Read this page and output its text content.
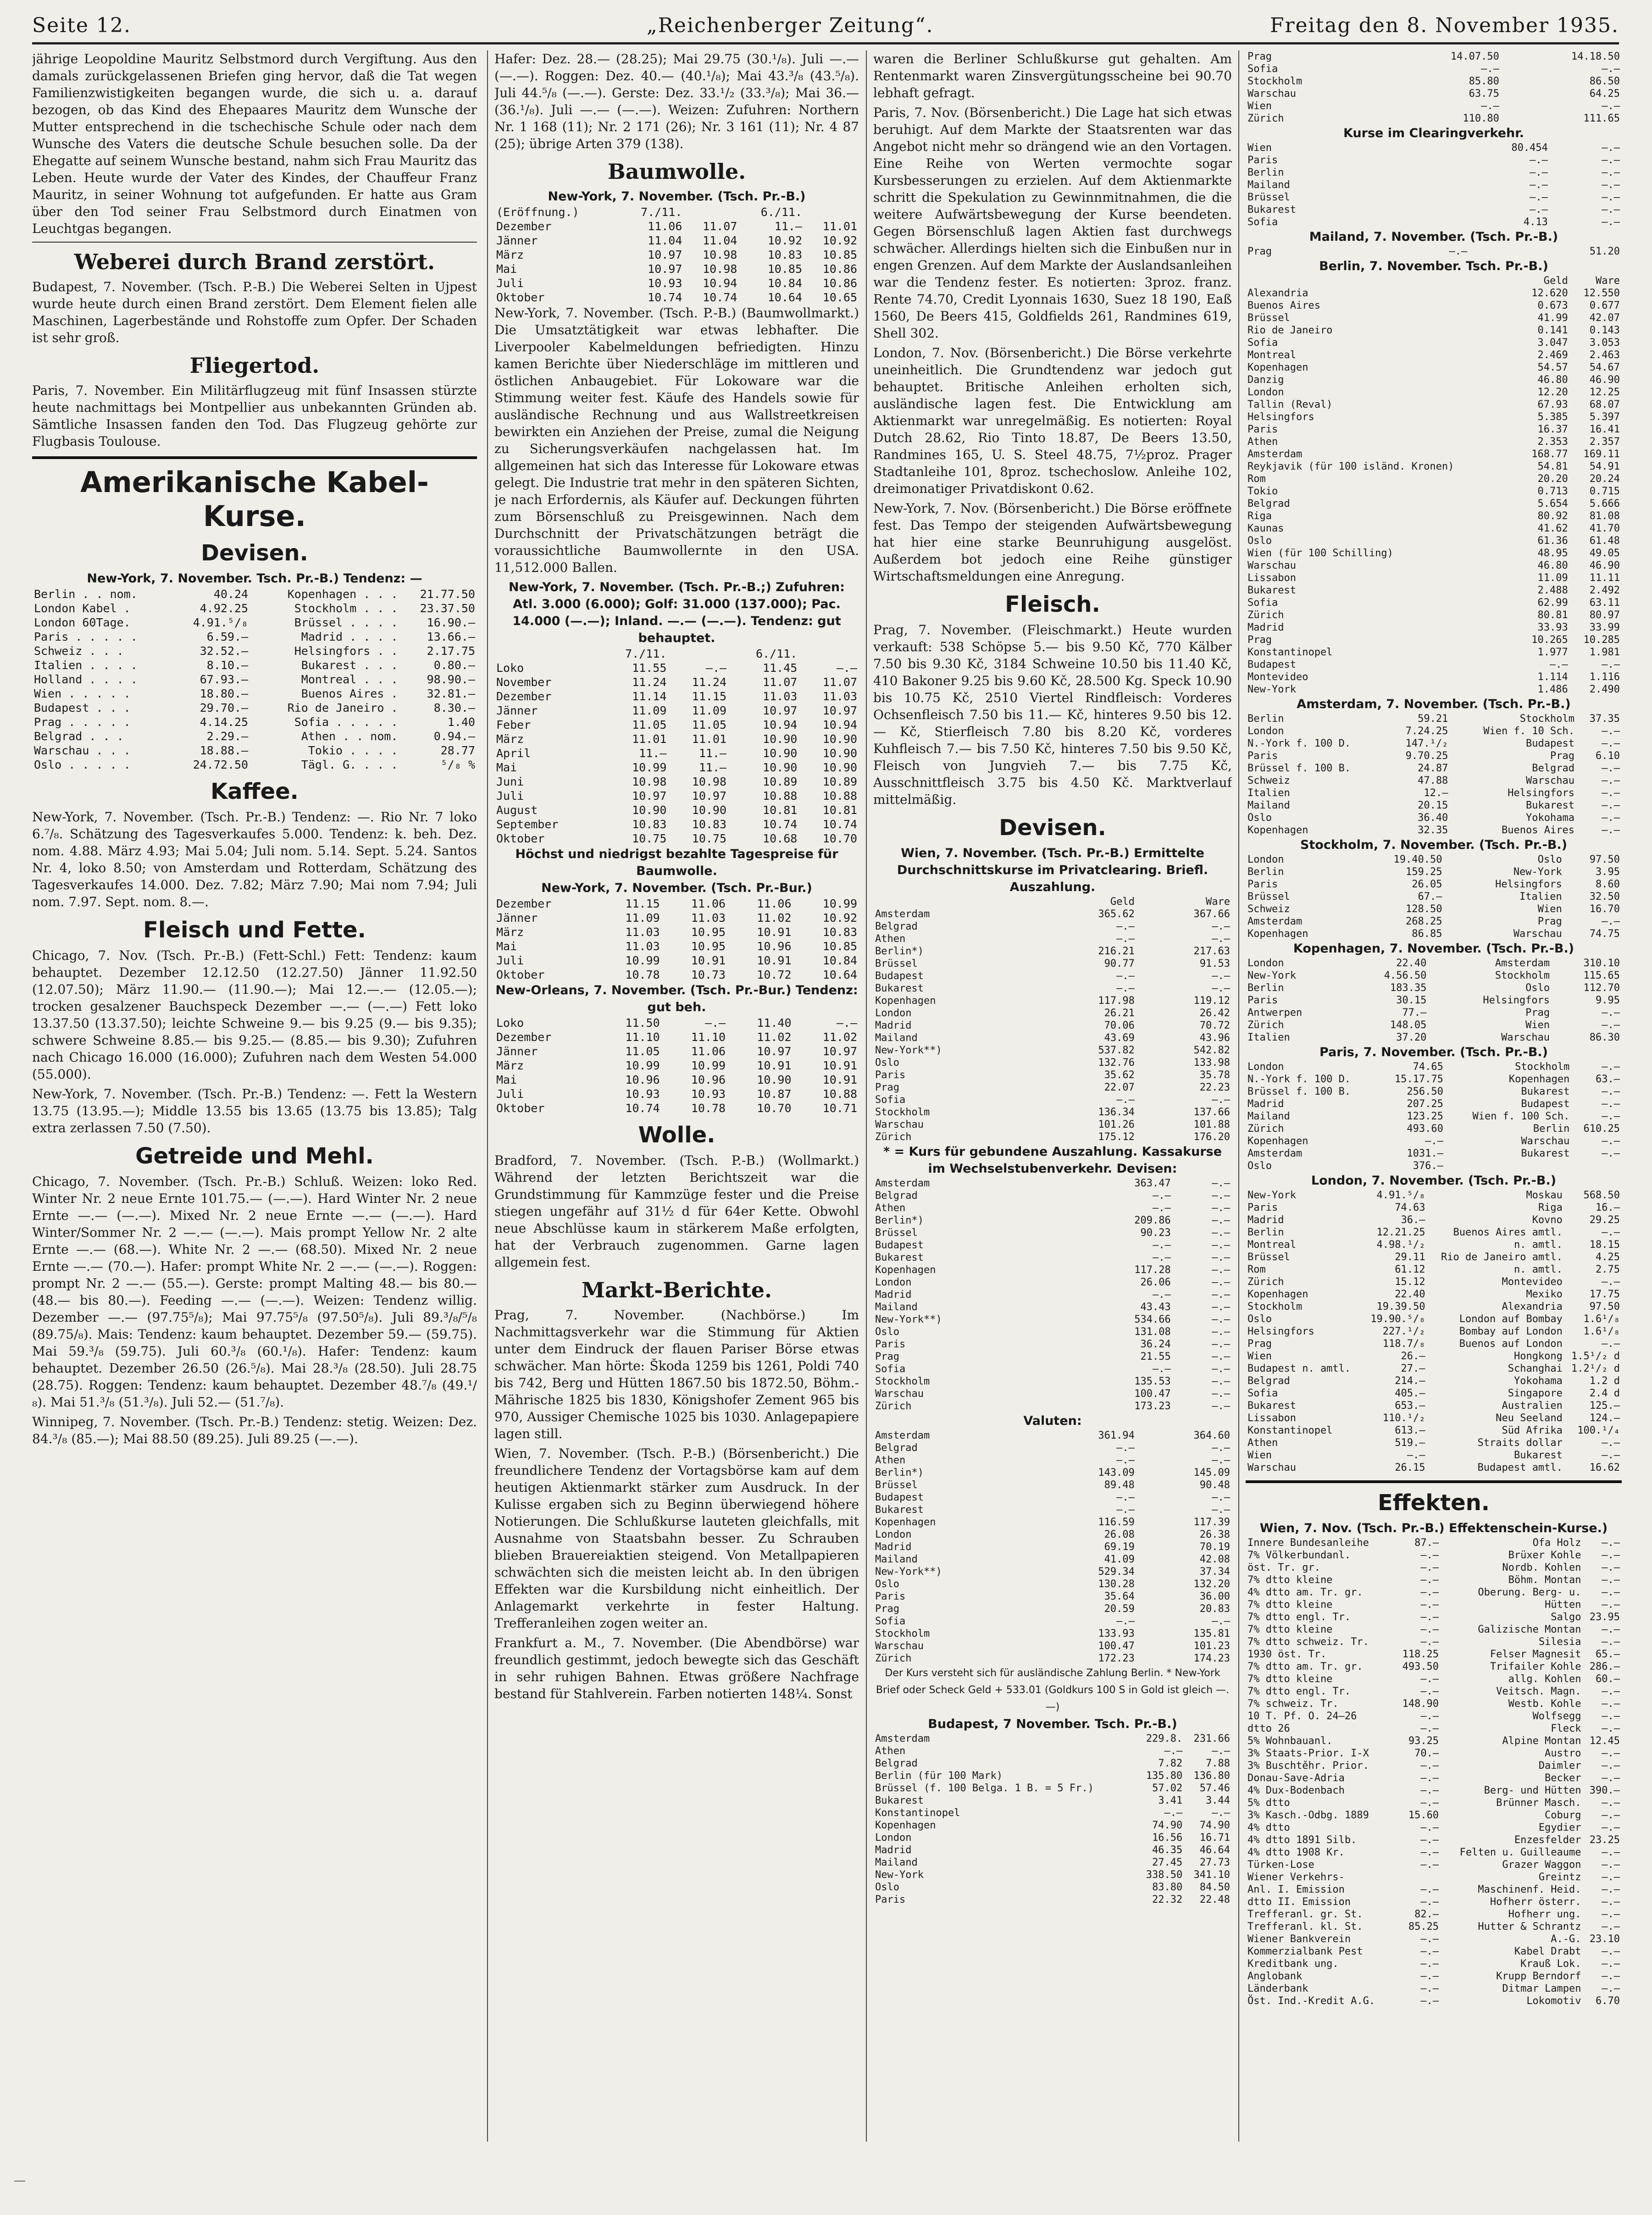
Seite 12.	„Reichenberger Zeitung“.	Freitag den 8. November 1935.

jährige Leopoldine Mauritz Selbstmord durch Vergiftung. Aus den damals zurückgelassenen Briefen ging hervor, daß die Tat wegen Familienzwistigkeiten begangen wurde, die sich u. a. darauf bezogen, ob das Kind des Ehepaares Mauritz dem Wunsche der Mutter entsprechend in die tschechische Schule oder nach dem Wunsche des Vaters die deutsche Schule besuchen solle. Da der Ehegatte auf seinem Wunsche bestand, nahm sich Frau Mauritz das Leben. Heute wurde der Vater des Kindes, der Chauffeur Franz Mauritz, in seiner Wohnung tot aufgefunden. Er hatte aus Gram über den Tod seiner Frau Selbstmord durch Einatmen von Leuchtgas begangen.

Weberei durch Brand zerstört.

Budapest, 7. November. (Tsch. P.-B.) Die Weberei Selten in Ujpest wurde heute durch einen Brand zerstört. Dem Element fielen alle Maschinen, Lagerbestände und Rohstoffe zum Opfer. Der Schaden ist sehr groß.

Fliegertod.

Paris, 7. November. Ein Militärflugzeug mit fünf Insassen stürzte heute nachmittags bei Montpellier aus unbekannten Gründen ab. Sämtliche Insassen fanden den Tod. Das Flugzeug gehörte zur Flugbasis Toulouse.

Amerikanische Kabel-Kurse.
Devisen.
New-York, 7. November. Tsch. Pr.-B.) Tendenz: —
Berlin . . nom.	40.24	Kopenhagen . . .	21.77.50
London Kabel .	4.92.25	Stockholm . . .	23.37.50
London 60Tage.	4.91.⁵/₈	Brüssel . . . .	16.90.—
Paris . . . . .	6.59.—	Madrid . . . .	13.66.—
Schweiz . . .	32.52.—	Helsingfors . .	2.17.75
Italien . . . .	8.10.—	Bukarest . . .	0.80.—
Holland . . . .	67.93.—	Montreal . . .	98.90.—
Wien . . . . .	18.80.—	Buenos Aires .	32.81.—
Budapest . . .	29.70.—	Rio de Janeiro .	8.30.—
Prag . . . . .	4.14.25	Sofia . . . . .	1.40
Belgrad . . .	2.29.—	Athen . . nom.	0.94.—
Warschau . . .	18.88.—	Tokio . . . .	28.77
Oslo . . . . .	24.72.50	Tägl. G. . . .	⁵/₈ %
Kaffee.

New-York, 7. November. (Tsch. Pr.-B.) Tendenz: —. Rio Nr. 7 loko 6.⁷/₈. Schätzung des Tagesverkaufes 5.000. Tendenz: k. beh. Dez. nom. 4.88. März 4.93; Mai 5.04; Juli nom. 5.14. Sept. 5.24. Santos Nr. 4, loko 8.50; von Amsterdam und Rotterdam, Schätzung des Tagesverkaufes 14.000. Dez. 7.82; März 7.90; Mai nom 7.94; Juli nom. 7.97. Sept. nom. 8.—.

Fleisch und Fette.

Chicago, 7. Nov. (Tsch. Pr.-B.) (Fett-Schl.) Fett: Tendenz: kaum behauptet. Dezember 12.12.50 (12.27.50) Jänner 11.92.50 (12.07.50); März 11.90.— (11.90.—); Mai 12.—.— (12.05.—); trocken gesalzener Bauchspeck Dezember —.— (—.—) Fett loko 13.37.50 (13.37.50); leichte Schweine 9.— bis 9.25 (9.— bis 9.35); schwere Schweine 8.85.— bis 9.25.— (8.85.— bis 9.30); Zufuhren nach Chicago 16.000 (16.000); Zufuhren nach dem Westen 54.000 (55.000).

New-York, 7. November. (Tsch. Pr.-B.) Tendenz: —. Fett la Western 13.75 (13.95.—); Middle 13.55 bis 13.65 (13.75 bis 13.85); Talg extra zerlassen 7.50 (7.50).

Getreide und Mehl.

Chicago, 7. November. (Tsch. Pr.-B.) Schluß. Weizen: loko Red. Winter Nr. 2 neue Ernte 101.75.— (—.—). Hard Winter Nr. 2 neue Ernte —.— (—.—). Mixed Nr. 2 neue Ernte —.— (—.—). Hard Winter/Sommer Nr. 2 —.— (—.—). Mais prompt Yellow Nr. 2 alte Ernte —.— (68.—). White Nr. 2 —.— (68.50). Mixed Nr. 2 neue Ernte —.— (70.—). Hafer: prompt White Nr. 2 —.— (—.—). Roggen: prompt Nr. 2 —.— (55.—). Gerste: prompt Malting 48.— bis 80.— (48.— bis 80.—). Feeding —.— (—.—). Weizen: Tendenz willig. Dezember —.— (97.75⁵/₈); Mai 97.75⁵/₈ (97.50⁵/₈). Juli 89.³/₈/⁵/₈ (89.75/₈). Mais: Tendenz: kaum behauptet. Dezember 59.— (59.75). Mai 59.³/₈ (59.75). Juli 60.³/₈ (60.¹/₈). Hafer: Tendenz: kaum behauptet. Dezember 26.50 (26.⁵/₈). Mai 28.³/₈ (28.50). Juli 28.75 (28.75). Roggen: Tendenz: kaum behauptet. Dezember 48.⁷/₈ (49.¹/₈). Mai 51.³/₈ (51.³/₈). Juli 52.— (51.⁷/₈).

Winnipeg, 7. November. (Tsch. Pr.-B.) Tendenz: stetig. Weizen: Dez. 84.³/₈ (85.—); Mai 88.50 (89.25). Juli 89.25 (—.—).

Hafer: Dez. 28.— (28.25); Mai 29.75 (30.¹/₈). Juli —.— (—.—). Roggen: Dez. 40.— (40.¹/₈); Mai 43.³/₈ (43.⁵/₈). Juli 44.⁵/₈ (—.—). Gerste: Dez. 33.¹/₂ (33.³/₈); Mai 36.— (36.¹/₈). Juli —.— (—.—). Weizen: Zufuhren: Northern Nr. 1 168 (11); Nr. 2 171 (26); Nr. 3 161 (11); Nr. 4 87 (25); übrige Arten 379 (138).

Baumwolle.
New-York, 7. November. (Tsch. Pr.-B.)
(Eröffnung.)	7./11.		6./11.	
Dezember	11.06	11.07	11.—	11.01
Jänner	11.04	11.04	10.92	10.92
März	10.97	10.98	10.83	10.85
Mai	10.97	10.98	10.85	10.86
Juli	10.93	10.94	10.84	10.86
Oktober	10.74	10.74	10.64	10.65

New-York, 7. November. (Tsch. P.-B.) (Baumwollmarkt.) Die Umsatztätigkeit war etwas lebhafter. Die Liverpooler Kabelmeldungen befriedigten. Hinzu kamen Berichte über Niederschläge im mittleren und östlichen Anbaugebiet. Für Lokoware war die Stimmung weiter fest. Käufe des Handels sowie für ausländische Rechnung und aus Wallstreetkreisen bewirkten ein Anziehen der Preise, zumal die Neigung zu Sicherungsverkäufen nachgelassen hat. Im allgemeinen hat sich das Interesse für Lokoware etwas gelegt. Die Industrie trat mehr in den späteren Sichten, je nach Erfordernis, als Käufer auf. Deckungen führten zum Börsenschluß zu Preisgewinnen. Nach dem Durchschnitt der Privatschätzungen beträgt die voraussichtliche Baumwollernte in den USA. 11,512.000 Ballen.

New-York, 7. November. (Tsch. Pr.-B.;) Zufuhren: Atl. 3.000 (6.000); Golf: 31.000 (137.000); Pac. 14.000 (—.—); Inland. —.— (—.—). Tendenz: gut behauptet.
	7./11.		6./11.	
Loko	11.55	—.—	11.45	—.—
November	11.24	11.24	11.07	11.07
Dezember	11.14	11.15	11.03	11.03
Jänner	11.09	11.09	10.97	10.97
Feber	11.05	11.05	10.94	10.94
März	11.01	11.01	10.90	10.90
April	11.—	11.—	10.90	10.90
Mai	10.99	11.—	10.90	10.90
Juni	10.98	10.98	10.89	10.89
Juli	10.97	10.97	10.88	10.88
August	10.90	10.90	10.81	10.81
September	10.83	10.83	10.74	10.74
Oktober	10.75	10.75	10.68	10.70
Höchst und niedrigst bezahlte Tagespreise für Baumwolle.
New-York, 7. November. (Tsch. Pr.-Bur.)
Dezember	11.15	11.06	11.06	10.99
Jänner	11.09	11.03	11.02	10.92
März	11.03	10.95	10.91	10.83
Mai	11.03	10.95	10.96	10.85
Juli	10.99	10.91	10.91	10.84
Oktober	10.78	10.73	10.72	10.64
New-Orleans, 7. November. (Tsch. Pr.-Bur.) Tendenz: gut beh.
Loko	11.50	—.—	11.40	—.—
Dezember	11.10	11.10	11.02	11.02
Jänner	11.05	11.06	10.97	10.97
März	10.99	10.99	10.91	10.91
Mai	10.96	10.96	10.90	10.91
Juli	10.93	10.93	10.87	10.88
Oktober	10.74	10.78	10.70	10.71
Wolle.

Bradford, 7. November. (Tsch. P.-B.) (Wollmarkt.) Während der letzten Berichtszeit war die Grundstimmung für Kammzüge fester und die Preise stiegen ungefähr auf 31½ d für 64er Kette. Obwohl neue Abschlüsse kaum in stärkerem Maße erfolgten, hat der Verbrauch zugenommen. Garne lagen allgemein fest.

Markt-Berichte.

Prag, 7. November. (Nachbörse.) Im Nachmittagsverkehr war die Stimmung für Aktien unter dem Eindruck der flauen Pariser Börse etwas schwächer. Man hörte: Škoda 1259 bis 1261, Poldi 740 bis 742, Berg und Hütten 1867.50 bis 1872.50, Böhm.-Mährische 1825 bis 1830, Königshofer Zement 965 bis 970, Aussiger Chemische 1025 bis 1030. Anlagepapiere lagen still.

Wien, 7. November. (Tsch. P.-B.) (Börsenbericht.) Die freundlichere Tendenz der Vortagsbörse kam auf dem heutigen Aktienmarkt stärker zum Ausdruck. In der Kulisse ergaben sich zu Beginn überwiegend höhere Notierungen. Die Schlußkurse lauteten gleichfalls, mit Ausnahme von Staatsbahn besser. Zu Schrauben blieben Brauereiaktien steigend. Von Metallpapieren schwächten sich die meisten leicht ab. In den übrigen Effekten war die Kursbildung nicht einheitlich. Der Anlagemarkt verkehrte in fester Haltung. Trefferanleihen zogen weiter an.

Frankfurt a. M., 7. November. (Die Abendbörse) war freundlich gestimmt, jedoch bewegte sich das Geschäft in sehr ruhigen Bahnen. Etwas größere Nachfrage bestand für Stahlverein. Farben notierten 148¼. Sonst

waren die Berliner Schlußkurse gut gehalten. Am Rentenmarkt waren Zinsvergütungsscheine bei 90.70 lebhaft gefragt.

Paris, 7. Nov. (Börsenbericht.) Die Lage hat sich etwas beruhigt. Auf dem Markte der Staatsrenten war das Angebot nicht mehr so drängend wie an den Vortagen. Eine Reihe von Werten vermochte sogar Kursbesserungen zu erzielen. Auf dem Aktienmarkte schritt die Spekulation zu Gewinnmitnahmen, die die weitere Aufwärtsbewegung der Kurse beendeten. Gegen Börsenschluß lagen Aktien fast durchwegs schwächer. Allerdings hielten sich die Einbußen nur in engen Grenzen. Auf dem Markte der Auslandsanleihen war die Tendenz fester. Es notierten: 3proz. franz. Rente 74.70, Credit Lyonnais 1630, Suez 18 190, Eaß 1560, De Beers 415, Goldfields 261, Randmines 619, Shell 302.

London, 7. Nov. (Börsenbericht.) Die Börse verkehrte uneinheitlich. Die Grundtendenz war jedoch gut behauptet. Britische Anleihen erholten sich, ausländische lagen fest. Die Entwicklung am Aktienmarkt war unregelmäßig. Es notierten: Royal Dutch 28.62, Rio Tinto 18.87, De Beers 13.50, Randmines 165, U. S. Steel 48.75, 7½proz. Prager Stadtanleihe 101, 8proz. tschechoslow. Anleihe 102, dreimonatiger Privatdiskont 0.62.

New-York, 7. Nov. (Börsenbericht.) Die Börse eröffnete fest. Das Tempo der steigenden Aufwärtsbewegung hat hier eine starke Beunruhigung ausgelöst. Außerdem bot jedoch eine Reihe günstiger Wirtschaftsmeldungen eine Anregung.

Fleisch.

Prag, 7. November. (Fleischmarkt.) Heute wurden verkauft: 538 Schöpse 5.— bis 9.50 Kč, 770 Kälber 7.50 bis 9.30 Kč, 3184 Schweine 10.50 bis 11.40 Kč, 410 Bakoner 9.25 bis 9.60 Kč, 28.500 Kg. Speck 10.90 bis 10.75 Kč, 2510 Viertel Rindfleisch: Vorderes Ochsenfleisch 7.50 bis 11.— Kč, hinteres 9.50 bis 12.— Kč, Stierfleisch 7.80 bis 8.20 Kč, vorderes Kuhfleisch 7.— bis 7.50 Kč, hinteres 7.50 bis 9.50 Kč, Fleisch von Jungvieh 7.— bis 7.75 Kč, Ausschnittfleisch 3.75 bis 4.50 Kč. Marktverlauf mittelmäßig.

Devisen.
Wien, 7. November. (Tsch. Pr.-B.) Ermittelte Durchschnittskurse im Privatclearing. Briefl. Auszahlung.
	Geld	Ware
Amsterdam	365.62	367.66
Belgrad	—.—	—.—
Athen	—.—	—.—
Berlin*)	216.21	217.63
Brüssel	90.77	91.53
Budapest	—.—	—.—
Bukarest	—.—	—.—
Kopenhagen	117.98	119.12
London	26.21	26.42
Madrid	70.06	70.72
Mailand	43.69	43.96
New-York**)	537.82	542.82
Oslo	132.76	133.98
Paris	35.62	35.78
Prag	22.07	22.23
Sofia	—.—	—.—
Stockholm	136.34	137.66
Warschau	101.26	101.88
Zürich	175.12	176.20
* = Kurs für gebundene Auszahlung. Kassakurse im Wechselstubenverkehr. Devisen:
Amsterdam	363.47	—.—
Belgrad	—.—	—.—
Athen	—.—	—.—
Berlin*)	209.86	—.—
Brüssel	90.23	—.—
Budapest	—.—	—.—
Bukarest	—.—	—.—
Kopenhagen	117.28	—.—
London	26.06	—.—
Madrid	—.—	—.—
Mailand	43.43	—.—
New-York**)	534.66	—.—
Oslo	131.08	—.—
Paris	36.24	—.—
Prag	21.55	—.—
Sofia	—.—	—.—
Stockholm	135.53	—.—
Warschau	100.47	—.—
Zürich	173.23	—.—
Valuten:
Amsterdam	361.94	364.60
Belgrad	—.—	—.—
Athen	—.—	—.—
Berlin*)	143.09	145.09
Brüssel	89.48	90.48
Budapest	—.—	—.—
Bukarest	—.—	—.—
Kopenhagen	116.59	117.39
London	26.08	26.38
Madrid	69.19	70.19
Mailand	41.09	42.08
New-York**)	529.34	37.34
Oslo	130.28	132.20
Paris	35.64	36.00
Prag	20.59	20.83
Sofia	—.—	—.—
Stockholm	133.93	135.81
Warschau	100.47	101.23
Zürich	172.23	174.23
Der Kurs versteht sich für ausländische Zahlung Berlin. * New-York Brief oder Scheck Geld + 533.01 (Goldkurs 100 S in Gold ist gleich —.—)
Budapest, 7 November. Tsch. Pr.-B.)
Amsterdam	229.8.	231.66
Athen	—.—	—.—
Belgrad	7.82	7.88
Berlin (für 100 Mark)	135.80	136.80
Brüssel (f. 100 Belga. 1 B. = 5 Fr.)	57.02	57.46
Bukarest	3.41	3.44
Konstantinopel	—.—	—.—
Kopenhagen	74.90	74.90
London	16.56	16.71
Madrid	46.35	46.64
Mailand	27.45	27.73
New-York	338.50	341.10
Oslo	83.80	84.50
Paris	22.32	22.48
Prag	14.07.50	14.18.50
Sofia	—.—	—.—
Stockholm	85.80	86.50
Warschau	63.75	64.25
Wien	—.—	—.—
Zürich	110.80	111.65
Kurse im Clearingverkehr.
Wien	80.454	—.—
Paris	—.—	—.—
Berlin	—.—	—.—
Mailand	—.—	—.—
Brüssel	—.—	—.—
Bukarest	—.—	—.—
Sofia	4.13	—.—
Mailand, 7. November. (Tsch. Pr.-B.)
Prag	—.—	51.20
Berlin, 7. November. Tsch. Pr.-B.)
	Geld	Ware
Alexandria	12.620	12.550
Buenos Aires	0.673	0.677
Brüssel	41.99	42.07
Rio de Janeiro	0.141	0.143
Sofia	3.047	3.053
Montreal	2.469	2.463
Kopenhagen	54.57	54.67
Danzig	46.80	46.90
London	12.20	12.25
Tallin (Reval)	67.93	68.07
Helsingfors	5.385	5.397
Paris	16.37	16.41
Athen	2.353	2.357
Amsterdam	168.77	169.11
Reykjavik (für 100 isländ. Kronen)	54.81	54.91
Rom	20.20	20.24
Tokio	0.713	0.715
Belgrad	5.654	5.666
Riga	80.92	81.08
Kaunas	41.62	41.70
Oslo	61.36	61.48
Wien (für 100 Schilling)	48.95	49.05
Warschau	46.80	46.90
Lissabon	11.09	11.11
Bukarest	2.488	2.492
Sofia	62.99	63.11
Zürich	80.81	80.97
Madrid	33.93	33.99
Prag	10.265	10.285
Konstantinopel	1.977	1.981
Budapest	—.—	—.—
Montevideo	1.114	1.116
New-York	1.486	2.490
Amsterdam, 7. November. (Tsch. Pr.-B.)
Berlin	59.21	Stockholm	37.35
London	7.24.25	Wien f. 10 Sch.	—.—
N.-York f. 100 D.	147.¹/₂	Budapest	—.—
Paris	9.70.25	Prag	6.10
Brüssel f. 100 B.	24.87	Belgrad	—.—
Schweiz	47.88	Warschau	—.—
Italien	12.—	Helsingfors	—.—
Mailand	20.15	Bukarest	—.—
Oslo	36.40	Yokohama	—.—
Kopenhagen	32.35	Buenos Aires	—.—
Stockholm, 7. November. (Tsch. Pr.-B.)
London	19.40.50	Oslo	97.50
Berlin	159.25	New-York	3.95
Paris	26.05	Helsingfors	8.60
Brüssel	67.—	Italien	32.50
Schweiz	128.50	Wien	16.70
Amsterdam	268.25	Prag	—.—
Kopenhagen	86.85	Warschau	74.75
Kopenhagen, 7. November. (Tsch. Pr.-B.)
London	22.40	Amsterdam	310.10
New-York	4.56.50	Stockholm	115.65
Berlin	183.35	Oslo	112.70
Paris	30.15	Helsingfors	9.95
Antwerpen	77.—	Prag	—.—
Zürich	148.05	Wien	—.—
Italien	37.20	Warschau	86.30
Paris, 7. November. (Tsch. Pr.-B.)
London	74.65	Stockholm	—.—
N.-York f. 100 D.	15.17.75	Kopenhagen	63.—
Brüssel f. 100 B.	256.50	Bukarest	—.—
Madrid	207.25	Budapest	—.—
Mailand	123.25	Wien f. 100 Sch.	—.—
Zürich	493.60	Berlin	610.25
Kopenhagen	—.—	Warschau	—.—
Amsterdam	1031.—	Bukarest	—.—
Oslo	376.—		
London, 7. November. (Tsch. Pr.-B.)
New-York	4.91.⁵/₈	Moskau	568.50
Paris	74.63	Riga	16.—
Madrid	36.—	Kovno	29.25
Berlin	12.21.25	Buenos Aires amtl.	—.—
Montreal	4.98.¹/₂	n. amtl.	18.15
Brüssel	29.11	Rio de Janeiro amtl.	4.25
Rom	61.12	n. amtl.	2.75
Zürich	15.12	Montevideo	—.—
Kopenhagen	22.40	Mexiko	17.75
Stockholm	19.39.50	Alexandria	97.50
Oslo	19.90.⁵/₈	London auf Bombay	1.6¹/₈
Helsingfors	227.¹/₂	Bombay auf London	1.6¹/₈
Prag	118.7/₈	Buenos auf London	—.—
Wien	26.—	Hongkong	1.5¹/₂ d
Budapest n. amtl.	27.—	Schanghai	1.2¹/₂ d
Belgrad	214.—	Yokohama	1.2 d
Sofia	405.—	Singapore	2.4 d
Bukarest	653.—	Australien	125.—
Lissabon	110.¹/₂	Neu Seeland	124.—
Konstantinopel	613.—	Süd Afrika	100.¹/₄
Athen	519.—	Straits dollar	—.—
Wien	—.—	Bukarest	—.—
Warschau	26.15	Budapest amtl.	16.62
Effekten.
Wien, 7. Nov. (Tsch. Pr.-B.) Effektenschein-Kurse.)
Innere Bundesanleihe	87.—	Ofa Holz	—.—
7% Völkerbundanl.	—.—	Brüxer Kohle	—.—
öst. Tr. gr.	—.—	Nordb. Kohlen	—.—
7% dtto kleine	—.—	Böhm. Montan	—.—
4% dtto am. Tr. gr.	—.—	Oberung. Berg- u.	—.—
7% dtto kleine	—.—	Hütten	—.—
7% dtto engl. Tr.	—.—	Salgo	23.95
7% dtto kleine	—.—	Galizische Montan	—.—
7% dtto schweiz. Tr.	—.—	Silesia	—.—
1930 öst. Tr.	118.25	Felser Magnesit	65.—
7% dtto am. Tr. gr.	493.50	Trifailer Kohle	286.—
7% dtto kleine	—.—	allg. Kohlen	60.—
7% dtto engl. Tr.	—.—	Veitsch. Magn.	—.—
7% schweiz. Tr.	148.90	Westb. Kohle	—.—
10 T. Pf. O. 24—26	—.—	Wolfsegg	—.—
dtto 26	—.—	Fleck	—.—
5% Wohnbauanl.	93.25	Alpine Montan	12.45
3% Staats-Prior. I-X	70.—	Austro	—.—
3% Buschtěhr. Prior.	—.—	Daimler	—.—
Donau-Save-Adria	—.—	Becker	—.—
4% Dux-Bodenbach	—.—	Berg- und Hütten	390.—
5% dtto	—.—	Brünner Masch.	—.—
3% Kasch.-Odbg. 1889	15.60	Coburg	—.—
4% dtto	—.—	Egydier	—.—
4% dtto 1891 Silb.	—.—	Enzesfelder	23.25
4% dtto 1908 Kr.	—.—	Felten u. Guilleaume	—.—
Türken-Lose	—.—	Grazer Waggon	—.—
Wiener Verkehrs-		Greintz	—.—
Anl. I. Emission	—.—	Maschinenf. Heid.	—.—
dtto II. Emission	—.—	Hofherr österr.	—.—
Trefferanl. gr. St.	82.—	Hofherr ung.	—.—
Trefferanl. kl. St.	85.25	Hutter & Schrantz	—.—
Wiener Bankverein	—.—	A.-G.	23.10
Kommerzialbank Pest	—.—	Kabel Drabt	—.—
Kreditbank ung.	—.—	Krauß Lok.	—.—
Anglobank	—.—	Krupp Berndorf	—.—
Länderbank	—.—	Ditmar Lampen	—.—
Öst. Ind.-Kredit A.G.	—.—	Lokomotiv	6.70
—
